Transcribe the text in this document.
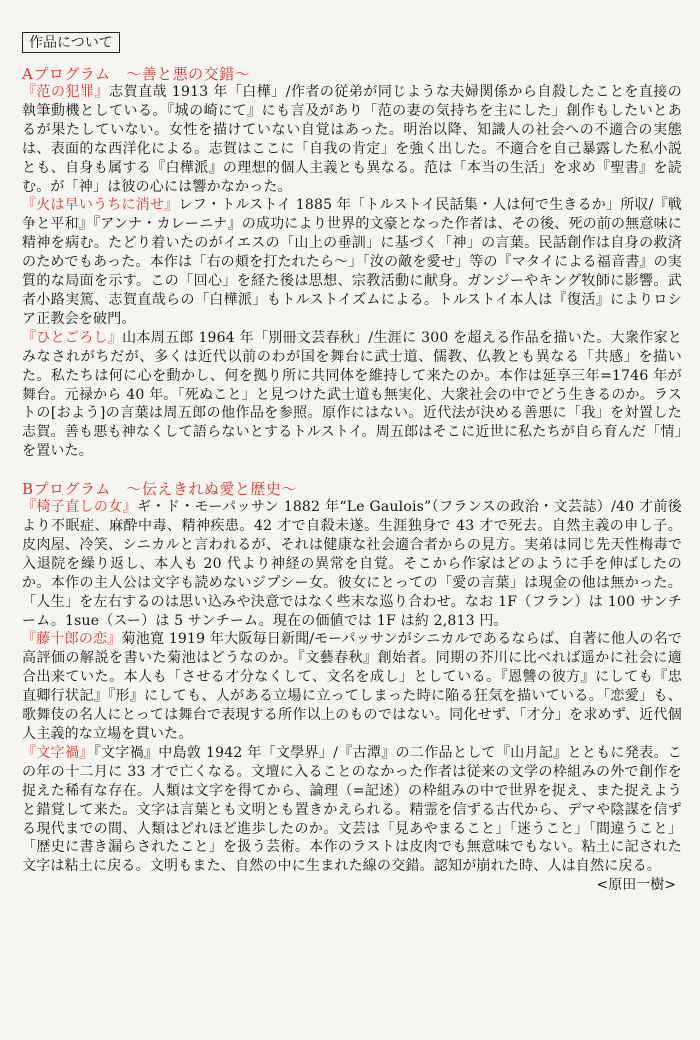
作品について
Aプログラム　～善と悪の交錯～
『范の犯罪』志賀直哉 1913 年「白樺」/作者の従弟が同じような夫婦関係から自殺したことを直接の執筆動機としている。『城の崎にて』にも言及があり「范の妻の気持ちを主にした」創作もしたいとあるが果たしていない。女性を描けていない自覚はあった。明治以降、知識人の社会への不適合の実態は、表面的な西洋化による。志賀はここに「自我の肯定」を強く出した。不適合を自己暴露した私小説とも、自身も属する『白樺派』の理想的個人主義とも異なる。范は「本当の生活」を求め『聖書』を読む。が「神」は彼の心には響かなかった。
『火は早いうちに消せ』レフ・トルストイ 1885 年「トルストイ民話集・人は何で生きるか」所収/『戦争と平和』『アンナ・カレーニナ』の成功により世界的文豪となった作者は、その後、死の前の無意味に精神を病む。たどり着いたのがイエスの「山上の垂訓」に基づく「神」の言葉。民話創作は自身の救済のためでもあった。本作は「右の頬を打たれたら～」「汝の敵を愛せ」等の『マタイによる福音書』の実質的な局面を示す。この「回心」を経た後は思想、宗教活動に献身。ガンジーやキング牧師に影響。武者小路実篤、志賀直哉らの「白樺派」もトルストイズムによる。トルストイ本人は『復活』によりロシア正教会を破門。
『ひとごろし』山本周五郎 1964 年「別冊文芸春秋」/生涯に 300 を超える作品を描いた。大衆作家とみなされがちだが、多くは近代以前のわが国を舞台に武士道、儒教、仏教とも異なる「共感」を描いた。私たちは何に心を動かし、何を拠り所に共同体を維持して来たのか。本作は延享三年=1746 年が舞台。元禄から 40 年。「死ぬこと」と見つけた武士道も無実化、大衆社会の中でどう生きるのか。ラストの[およう]の言葉は周五郎の他作品を参照。原作にはない。近代法が決める善悪に「我」を対置した志賀。善も悪も神なくして語らないとするトルストイ。周五郎はそこに近世に私たちが自ら育んだ「情」を置いた。
Bプログラム　～伝えきれぬ愛と歴史～
『椅子直しの女』ギ・ド・モーパッサン 1882 年“Le Gaulois”（フランスの政治・文芸誌）/40 才前後より不眠症、麻酔中毒、精神疾患。42 才で自殺未遂。生涯独身で 43 才で死去。自然主義の申し子。皮肉屋、冷笑、シニカルと言われるが、それは健康な社会適合者からの見方。実弟は同じ先天性梅毒で入退院を繰り返し、本人も 20 代より神経の異常を自覚。そこから作家はどのように手を伸ばしたのか。本作の主人公は文字も読めないジプシー女。彼女にとっての「愛の言葉」は現金の他は無かった。「人生」を左右するのは思い込みや決意ではなく些末な巡り合わせ。なお 1F（フラン）は 100 サンチーム。1sue（スー）は 5 サンチーム。現在の価値では 1F は約 2,813 円。
『藤十郎の恋』菊池寛 1919 年大阪毎日新聞/モーパッサンがシニカルであるならば、自著に他人の名で高評価の解説を書いた菊池はどうなのか。『文藝春秋』創始者。同期の芥川に比べれば遥かに社会に適合出来ていた。本人も「させる才分なくして、文名を成し」としている。『恩讐の彼方』にしても『忠直卿行状記』『形』にしても、人がある立場に立ってしまった時に陥る狂気を描いている。「恋愛」も、歌舞伎の名人にとっては舞台で表現する所作以上のものではない。同化せず、「才分」を求めず、近代個人主義的な立場を貫いた。
『文字禍』『文字禍』中島敦 1942 年「文學界」/『古潭』の二作品として『山月記』とともに発表。この年の十二月に 33 才で亡くなる。文壇に入ることのなかった作者は従来の文学の枠組みの外で創作を捉えた稀有な存在。人類は文字を得てから、論理（=記述）の枠組みの中で世界を捉え、また捉えようと錯覚して来た。文字は言葉とも文明とも置きかえられる。精霊を信ずる古代から、デマや陰謀を信ずる現代までの間、人類はどれほど進歩したのか。文芸は「見あやまること」「迷うこと」「間違うこと」「歴史に書き漏らされたこと」を扱う芸術。本作のラストは皮肉でも無意味でもない。粘土に記された文字は粘土に戻る。文明もまた、自然の中に生まれた線の交錯。認知が崩れた時、人は自然に戻る。
<原田一樹>
